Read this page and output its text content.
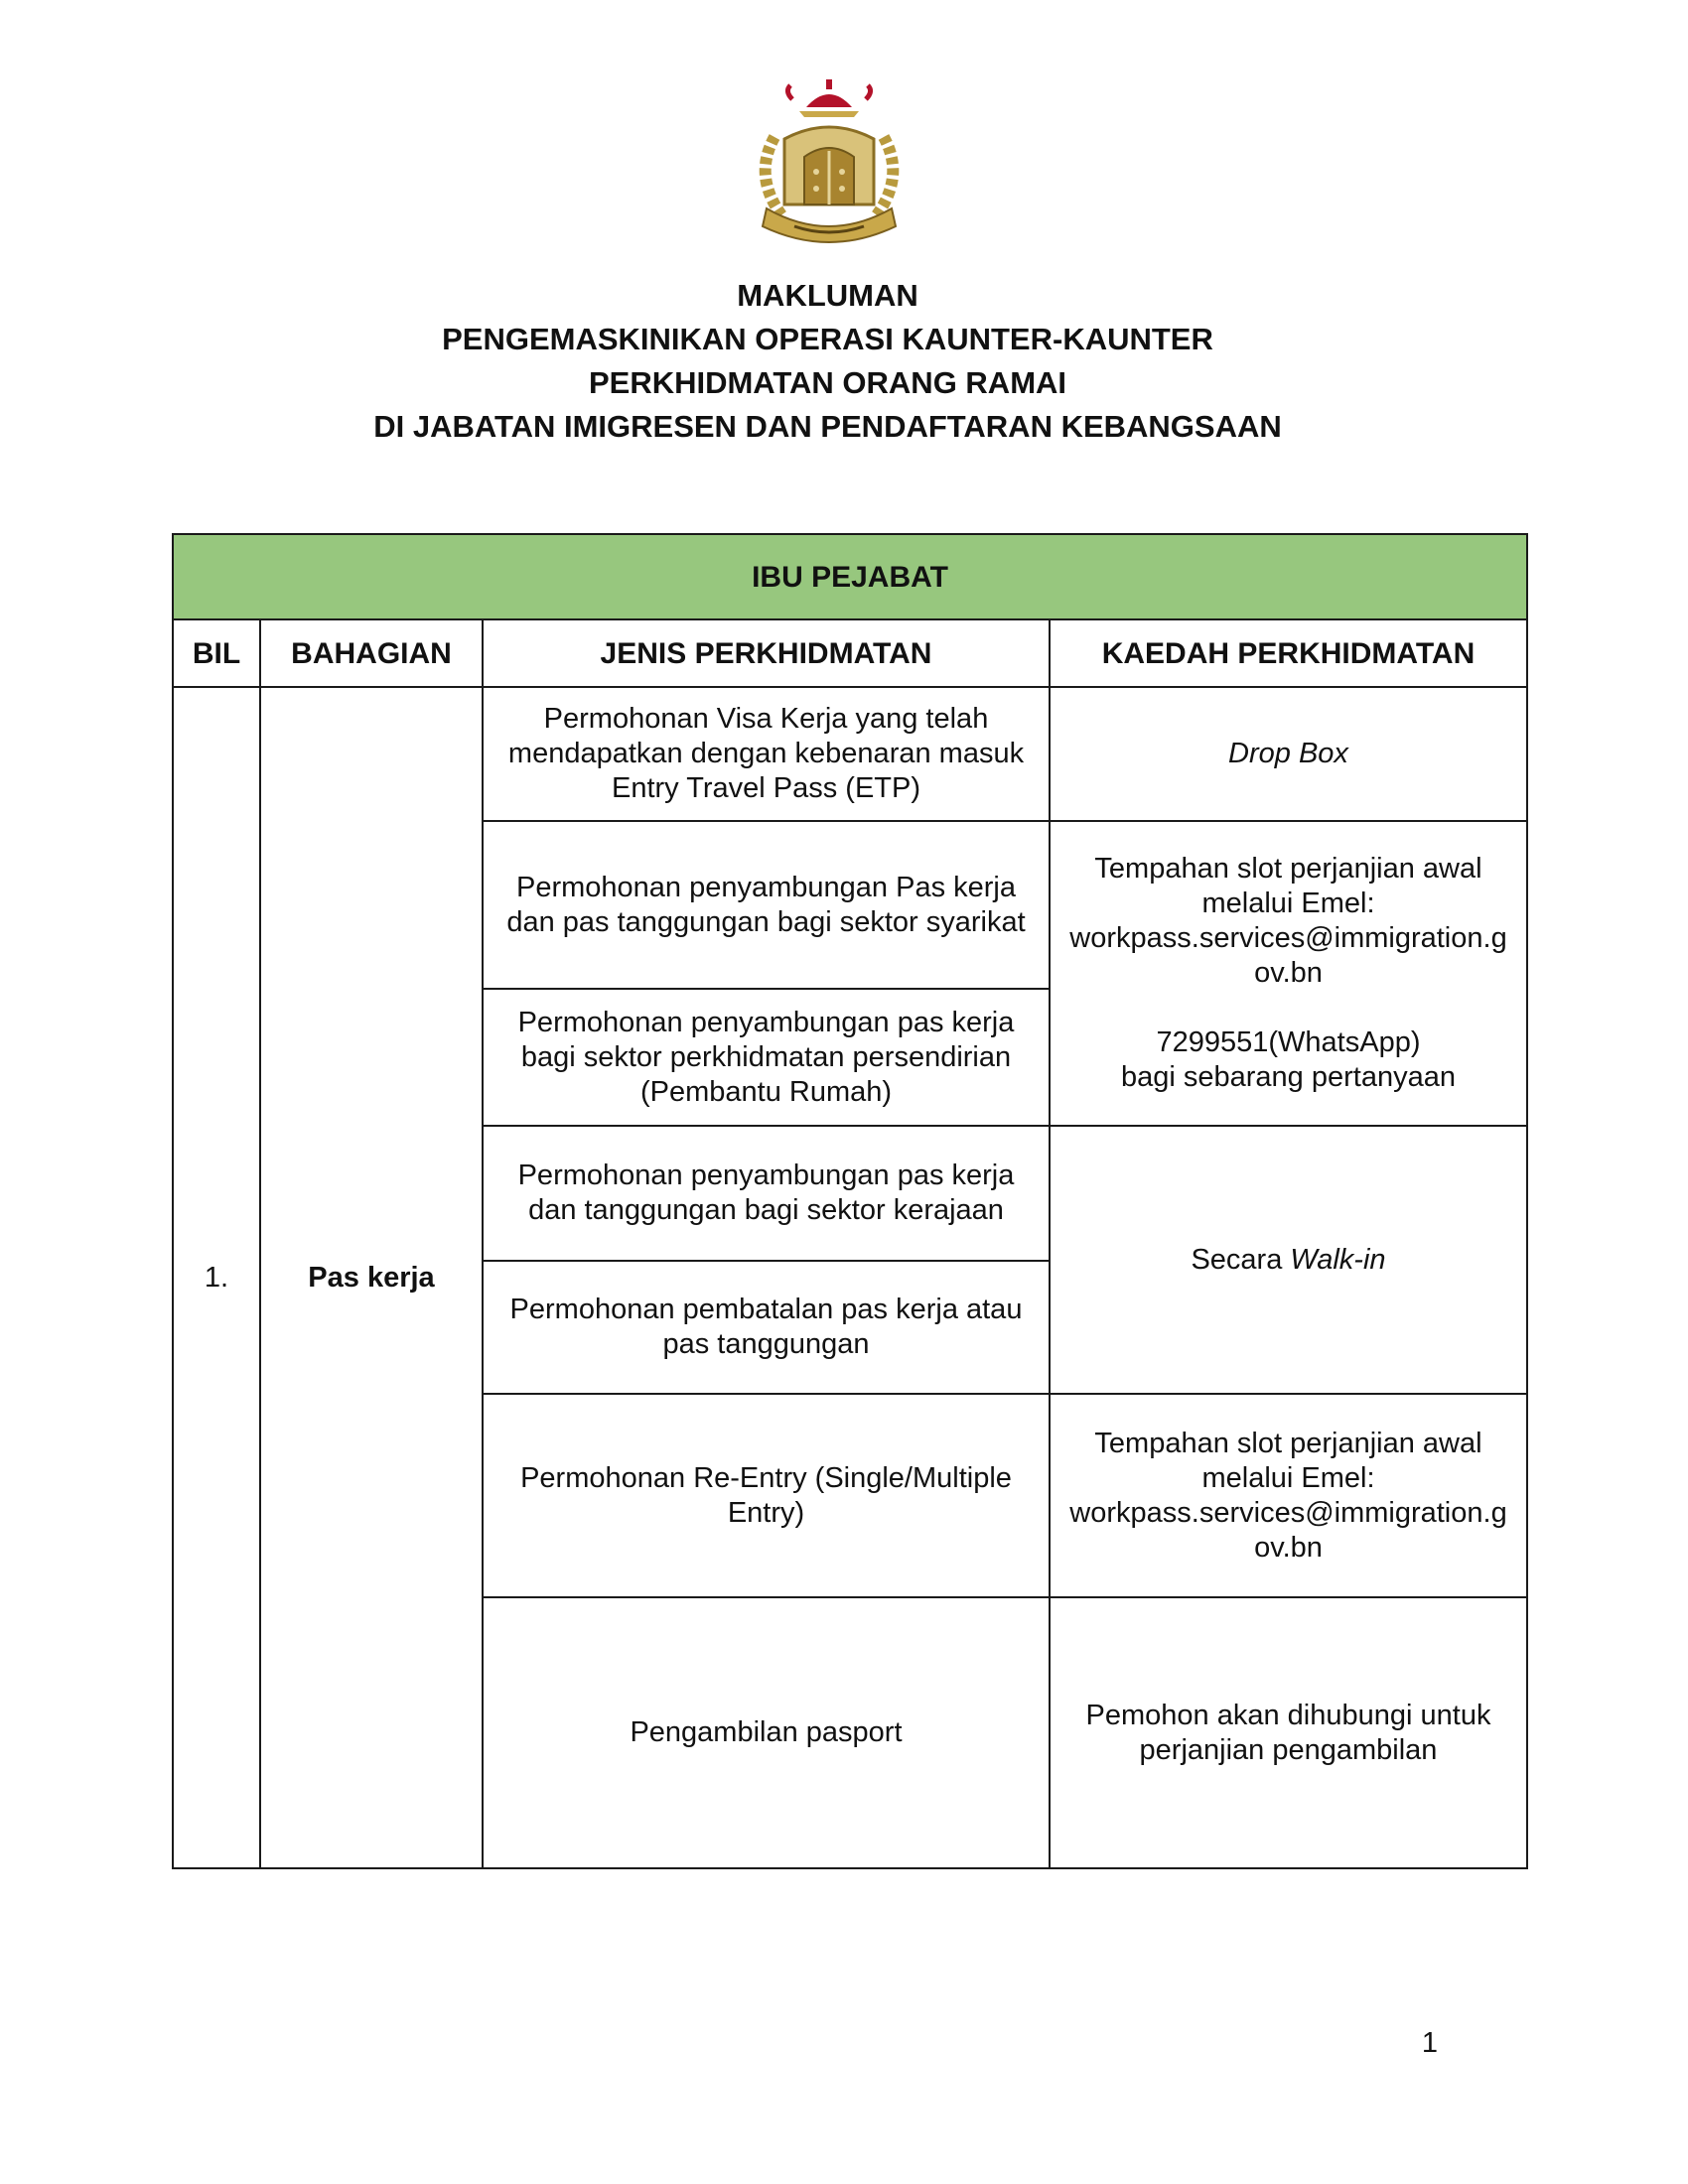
MAKLUMAN

PENGEMASKINIKAN OPERASI KAUNTER-KAUNTER

PERKHIDMATAN ORANG RAMAI

DI JABATAN IMIGRESEN DAN PENDAFTARAN KEBANGSAAN

IBU PEJABAT			
BIL	BAHAGIAN	JENIS PERKHIDMATAN	KAEDAH PERKHIDMATAN
1.	Pas kerja	Permohonan Visa Kerja yang telah mendapatkan dengan kebenaran masuk Entry Travel Pass (ETP)	Drop Box
		Permohonan penyambungan Pas kerja dan pas tanggungan bagi sektor syarikat	Tempahan slot perjanjian awal melalui Emel:
workpass.services@immigration.gov.bn
7299551(WhatsApp)
bagi sebarang pertanyaan
		Permohonan penyambungan pas kerja bagi sektor perkhidmatan persendirian (Pembantu Rumah)	
		Permohonan penyambungan pas kerja dan tanggungan bagi sektor kerajaan	Secara Walk-in
		Permohonan pembatalan pas kerja atau pas tanggungan	
		Permohonan Re-Entry (Single/Multiple Entry)	Tempahan slot perjanjian awal melalui Emel:
workpass.services@immigration.gov.bn
		Pengambilan pasport	Pemohon akan dihubungi untuk perjanjian pengambilan
1
